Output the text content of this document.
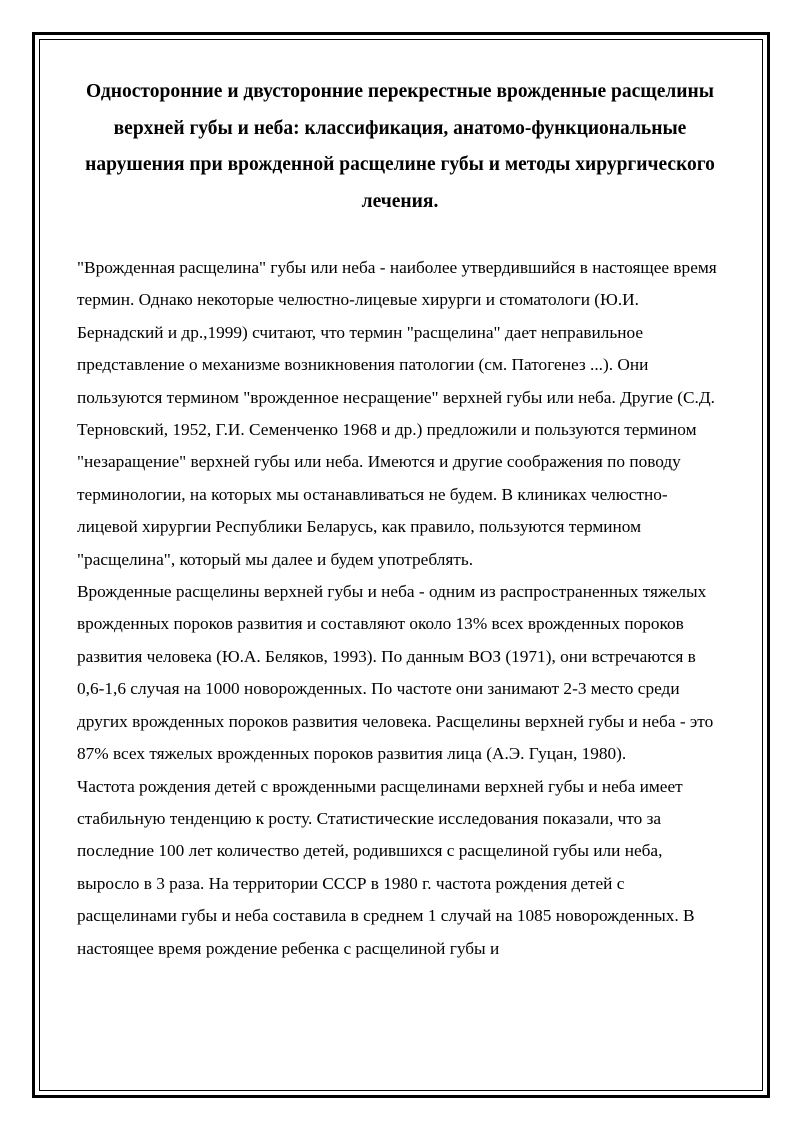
Односторонние и двусторонние перекрестные врожденные расщелины верхней губы и неба: классификация, анатомо-функциональные нарушения при врожденной расщелине губы и методы хирургического лечения.

"Врожденная расщелина" губы или неба - наиболее утвердившийся в настоящее время термин. Однако некоторые челюстно-лицевые хирурги и стоматологи (Ю.И. Бернадский и др.,1999) считают, что термин "расщелина" дает неправильное представление о механизме возникновения патологии (см. Патогенез ...). Они пользуются термином "врожденное несращение" верхней губы или неба. Другие (С.Д. Терновский, 1952, Г.И. Семенченко 1968 и др.) предложили и пользуются термином "незаращение" верхней губы или неба. Имеются и другие соображения по поводу терминологии, на которых мы останавливаться не будем. В клиниках челюстно-лицевой хирургии Республики Беларусь, как правило, пользуются термином "расщелина", который мы далее и будем употреблять.

Врожденные расщелины верхней губы и неба - одним из распространенных тяжелых врожденных пороков развития и составляют около 13% всех врожденных пороков развития человека (Ю.А. Беляков, 1993). По данным ВОЗ (1971), они встречаются в 0,6-1,6 случая на 1000 новорожденных. По частоте они занимают 2-3 место среди других врожденных пороков развития человека. Расщелины верхней губы и неба - это 87% всех тяжелых врожденных пороков развития лица (А.Э. Гуцан, 1980).

Частота рождения детей с врожденными расщелинами верхней губы и неба имеет стабильную тенденцию к росту. Статистические исследования показали, что за последние 100 лет количество детей, родившихся с расщелиной губы или неба, выросло в 3 раза. На территории СССР в 1980 г. частота рождения детей с расщелинами губы и неба составила в среднем 1 случай на 1085 новорожденных. В настоящее время рождение ребенка с расщелиной губы и
